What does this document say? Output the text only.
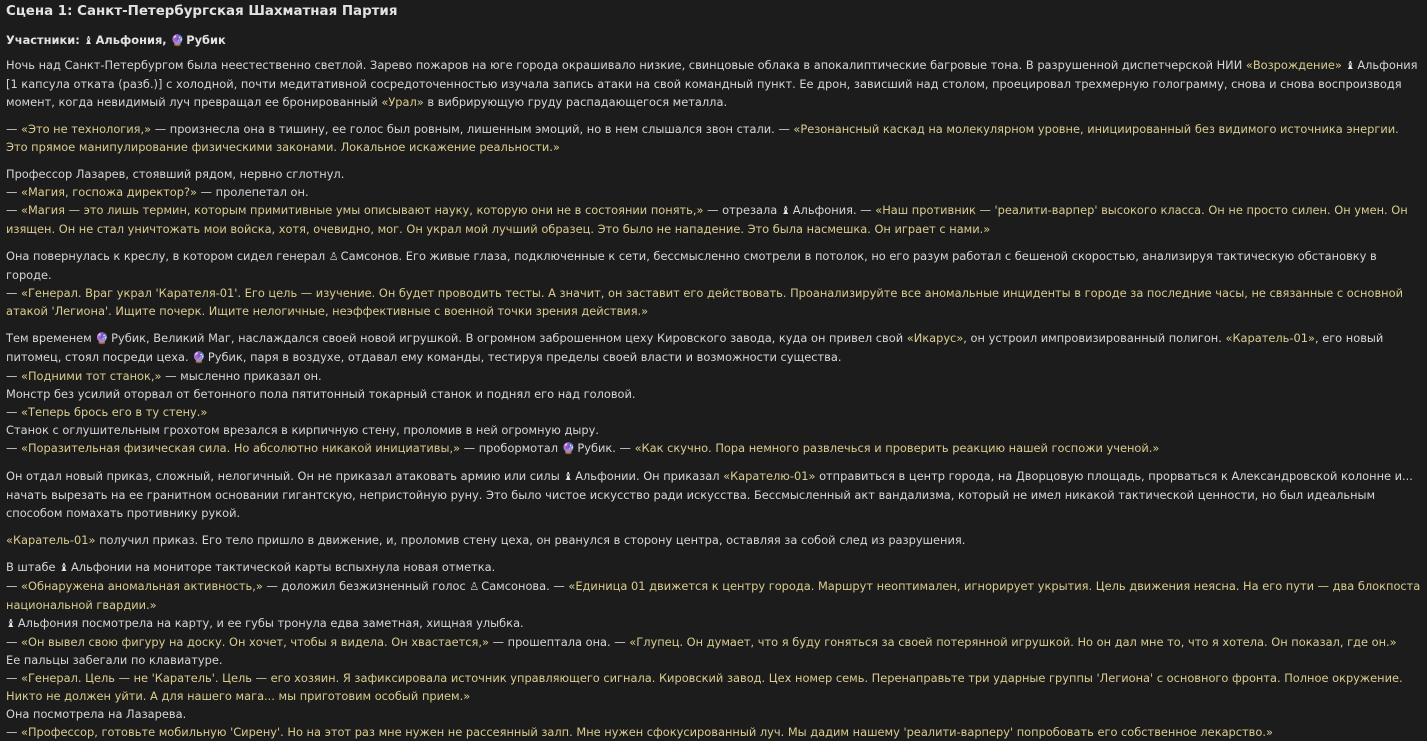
Сцена 1: Санкт-Петербургская Шахматная Партия
Участники: ♝ Альфония, 🔮 Рубик
Ночь над Санкт-Петербургом была неестественно светлой. Зарево пожаров на юге города окрашивало низкие, свинцовые облака в апокалиптические багровые тона. В разрушенной диспетчерской НИИ «Возрождение» ♝ Альфония [1 капсула отката (разб.)] с холодной, почти медитативной сосредоточенностью изучала запись атаки на свой командный пункт. Ее дрон, зависший над столом, проецировал трехмерную голограмму, снова и снова воспроизводя момент, когда невидимый луч превращал ее бронированный «Урал» в вибрирующую груду распадающегося металла.
— «Это не технология,» — произнесла она в тишину, ее голос был ровным, лишенным эмоций, но в нем слышался звон стали. — «Резонансный каскад на молекулярном уровне, инициированный без видимого источника энергии. Это прямое манипулирование физическими законами. Локальное искажение реальности.»
Профессор Лазарев, стоявший рядом, нервно сглотнул.
— «Магия, госпожа директор?» — пролепетал он.
— «Магия — это лишь термин, которым примитивные умы описывают науку, которую они не в состоянии понять,» — отрезала ♝ Альфония. — «Наш противник — 'реалити-варпер' высокого класса. Он не просто силен. Он умен. Он изящен. Он не стал уничтожать мои войска, хотя, очевидно, мог. Он украл мой лучший образец. Это было не нападение. Это была насмешка. Он играет с нами.»
Она повернулась к креслу, в котором сидел генерал ♙ Самсонов. Его живые глаза, подключенные к сети, бессмысленно смотрели в потолок, но его разум работал с бешеной скоростью, анализируя тактическую обстановку в городе.
— «Генерал. Враг украл 'Карателя-01'. Его цель — изучение. Он будет проводить тесты. А значит, он заставит его действовать. Проанализируйте все аномальные инциденты в городе за последние часы, не связанные с основной атакой 'Легиона'. Ищите почерк. Ищите нелогичные, неэффективные с военной точки зрения действия.»
Тем временем 🔮 Рубик, Великий Маг, наслаждался своей новой игрушкой. В огромном заброшенном цеху Кировского завода, куда он привел свой «Икарус», он устроил импровизированный полигон. «Каратель-01», его новый питомец, стоял посреди цеха. 🔮 Рубик, паря в воздухе, отдавал ему команды, тестируя пределы своей власти и возможности существа.
— «Подними тот станок,» — мысленно приказал он.
Монстр без усилий оторвал от бетонного пола пятитонный токарный станок и поднял его над головой.
— «Теперь брось его в ту стену.»
Станок с оглушительным грохотом врезался в кирпичную стену, проломив в ней огромную дыру.
— «Поразительная физическая сила. Но абсолютно никакой инициативы,» — пробормотал 🔮 Рубик. — «Как скучно. Пора немного развлечься и проверить реакцию нашей госпожи ученой.»
Он отдал новый приказ, сложный, нелогичный. Он не приказал атаковать армию или силы ♝ Альфонии. Он приказал «Карателю-01» отправиться в центр города, на Дворцовую площадь, прорваться к Александровской колонне и... начать вырезать на ее гранитном основании гигантскую, непристойную руну. Это было чистое искусство ради искусства. Бессмысленный акт вандализма, который не имел никакой тактической ценности, но был идеальным способом помахать противнику рукой.
«Каратель-01» получил приказ. Его тело пришло в движение, и, проломив стену цеха, он рванулся в сторону центра, оставляя за собой след из разрушения.
В штабе ♝ Альфонии на мониторе тактической карты вспыхнула новая отметка.
— «Обнаружена аномальная активность,» — доложил безжизненный голос ♙ Самсонова. — «Единица 01 движется к центру города. Маршрут неоптимален, игнорирует укрытия. Цель движения неясна. На его пути — два блокпоста национальной гвардии.»
♝ Альфония посмотрела на карту, и ее губы тронула едва заметная, хищная улыбка.
— «Он вывел свою фигуру на доску. Он хочет, чтобы я видела. Он хвастается,» — прошептала она. — «Глупец. Он думает, что я буду гоняться за своей потерянной игрушкой. Но он дал мне то, что я хотела. Он показал, где он.»
Ее пальцы забегали по клавиатуре.
— «Генерал. Цель — не 'Каратель'. Цель — его хозяин. Я зафиксировала источник управляющего сигнала. Кировский завод. Цех номер семь. Перенаправьте три ударные группы 'Легиона' с основного фронта. Полное окружение. Никто не должен уйти. А для нашего мага... мы приготовим особый прием.»
Она посмотрела на Лазарева.
— «Профессор, готовьте мобильную 'Сирену'. Но на этот раз мне нужен не рассеянный залп. Мне нужен сфокусированный луч. Мы дадим нашему 'реалити-варперу' попробовать его собственное лекарство.»
